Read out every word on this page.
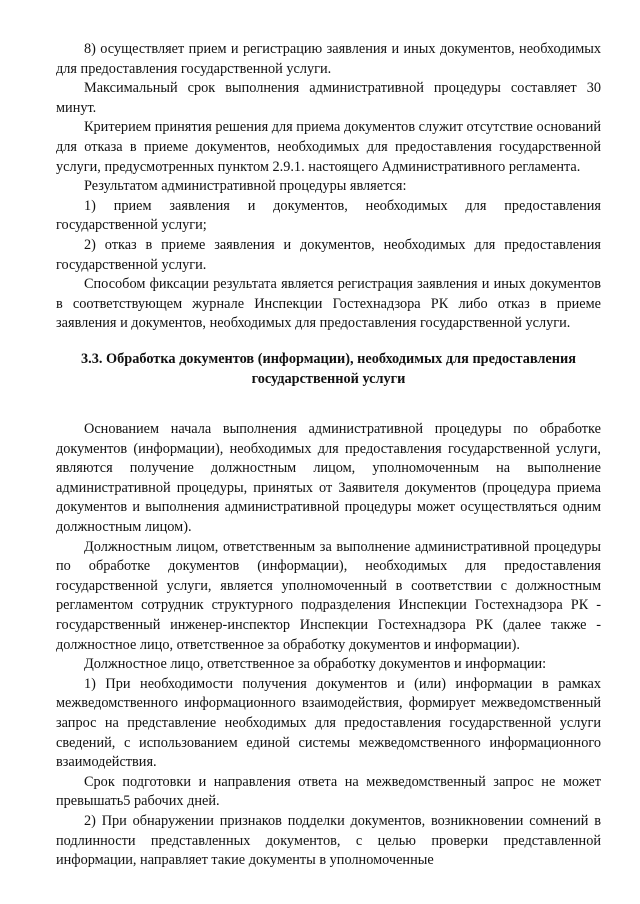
8) осуществляет прием и регистрацию заявления и иных документов, необходимых для предоставления государственной услуги.

Максимальный срок выполнения административной процедуры составляет 30 минут.

Критерием принятия решения для приема документов служит отсутствие оснований для отказа в приеме документов, необходимых для предоставления государственной услуги, предусмотренных пунктом 2.9.1. настоящего Административного регламента.

Результатом административной процедуры является:

1) прием заявления и документов, необходимых для предоставления государственной услуги;

2) отказ в приеме заявления и документов, необходимых для предоставления государственной услуги.

Способом фиксации результата является регистрация заявления и иных документов в соответствующем журнале Инспекции Гостехнадзора РК либо отказ в приеме заявления и документов, необходимых для предоставления государственной услуги.

3.3. Обработка документов (информации), необходимых для предоставления государственной услуги

Основанием начала выполнения административной процедуры по обработке документов (информации), необходимых для предоставления государственной услуги, являются получение должностным лицом, уполномоченным на выполнение административной процедуры, принятых от Заявителя документов (процедура приема документов и выполнения административной процедуры может осуществляться одним должностным лицом).

Должностным лицом, ответственным за выполнение административной процедуры по обработке документов (информации), необходимых для предоставления государственной услуги, является уполномоченный в соответствии с должностным регламентом сотрудник структурного подразделения Инспекции Гостехнадзора РК - государственный инженер-инспектор Инспекции Гостехнадзора РК (далее также - должностное лицо, ответственное за обработку документов и информации).

Должностное лицо, ответственное за обработку документов и информации:

1) При необходимости получения документов и (или) информации в рамках межведомственного информационного взаимодействия, формирует межведомственный запрос на представление необходимых для предоставления государственной услуги сведений, с использованием единой системы межведомственного информационного взаимодействия.

Срок подготовки и направления ответа на межведомственный запрос не может превышать5 рабочих дней.

2) При обнаружении признаков подделки документов, возникновении сомнений в подлинности представленных документов, с целью проверки представленной информации, направляет такие документы в уполномоченные
